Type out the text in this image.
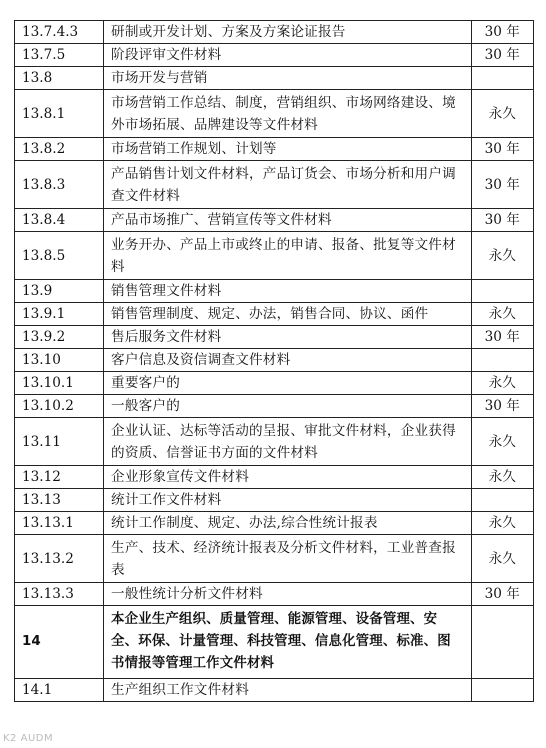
13.7.4.3	研制或开发计划、方案及方案论证报告	30 年
13.7.5	阶段评审文件材料	30 年
13.8	市场开发与营销	
13.8.1	市场营销工作总结、制度，营销组织、市场网络建设、境外市场拓展、品牌建设等文件材料	永久
13.8.2	市场营销工作规划、计划等	30 年
13.8.3	产品销售计划文件材料，产品订货会、市场分析和用户调查文件材料	30 年
13.8.4	产品市场推广、营销宣传等文件材料	30 年
13.8.5	业务开办、产品上市或终止的申请、报备、批复等文件材料	永久
13.9	销售管理文件材料	
13.9.1	销售管理制度、规定、办法，销售合同、协议、函件	永久
13.9.2	售后服务文件材料	30 年
13.10	客户信息及资信调查文件材料	
13.10.1	重要客户的	永久
13.10.2	一般客户的	30 年
13.11	企业认证、达标等活动的呈报、审批文件材料，企业获得的资质、信誉证书方面的文件材料	永久
13.12	企业形象宣传文件材料	永久
13.13	统计工作文件材料	
13.13.1	统计工作制度、规定、办法,综合性统计报表	永久
13.13.2	生产、技术、经济统计报表及分析文件材料，工业普查报表	永久
13.13.3	一般性统计分析文件材料	30 年
14	本企业生产组织、质量管理、能源管理、设备管理、安全、环保、计量管理、科技管理、信息化管理、标准、图书情报等管理工作文件材料	
14.1	生产组织工作文件材料	
K2 AUDM
